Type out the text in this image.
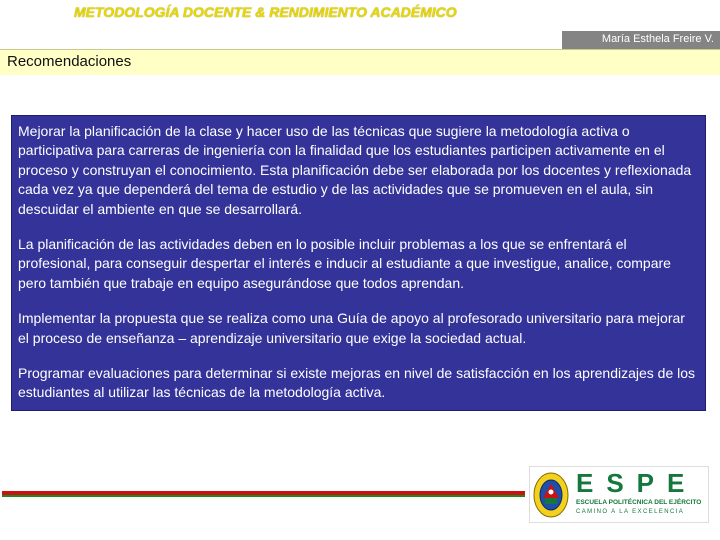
METODOLOGÍA DOCENTE & RENDIMIENTO ACADÉMICO
María Esthela Freire V.
Recomendaciones

Mejorar la planificación de la clase y hacer uso de las técnicas que sugiere la metodología activa o participativa para carreras de ingeniería con la finalidad que los estudiantes participen activamente en el proceso y construyan el conocimiento. Esta planificación debe ser elaborada por los docentes y reflexionada cada vez ya que dependerá del tema de estudio y de las actividades que se promueven en el aula, sin descuidar el ambiente en que se desarrollará.

La planificación de las actividades deben en lo posible incluir problemas a los que se enfrentará el profesional, para conseguir despertar el interés e inducir al estudiante a que investigue, analice, compare pero también que trabaje en equipo asegurándose que todos aprendan.

Implementar la propuesta que se realiza como una Guía de apoyo al profesorado universitario para mejorar el proceso de enseñanza – aprendizaje universitario que exige la sociedad actual.

Programar evaluaciones para determinar si existe mejoras en nivel de satisfacción en los aprendizajes de los estudiantes al utilizar las técnicas de la metodología activa.

ESPE
ESCUELA POLITÉCNICA DEL EJÉRCITO
CAMINO A LA EXCELENCIA
